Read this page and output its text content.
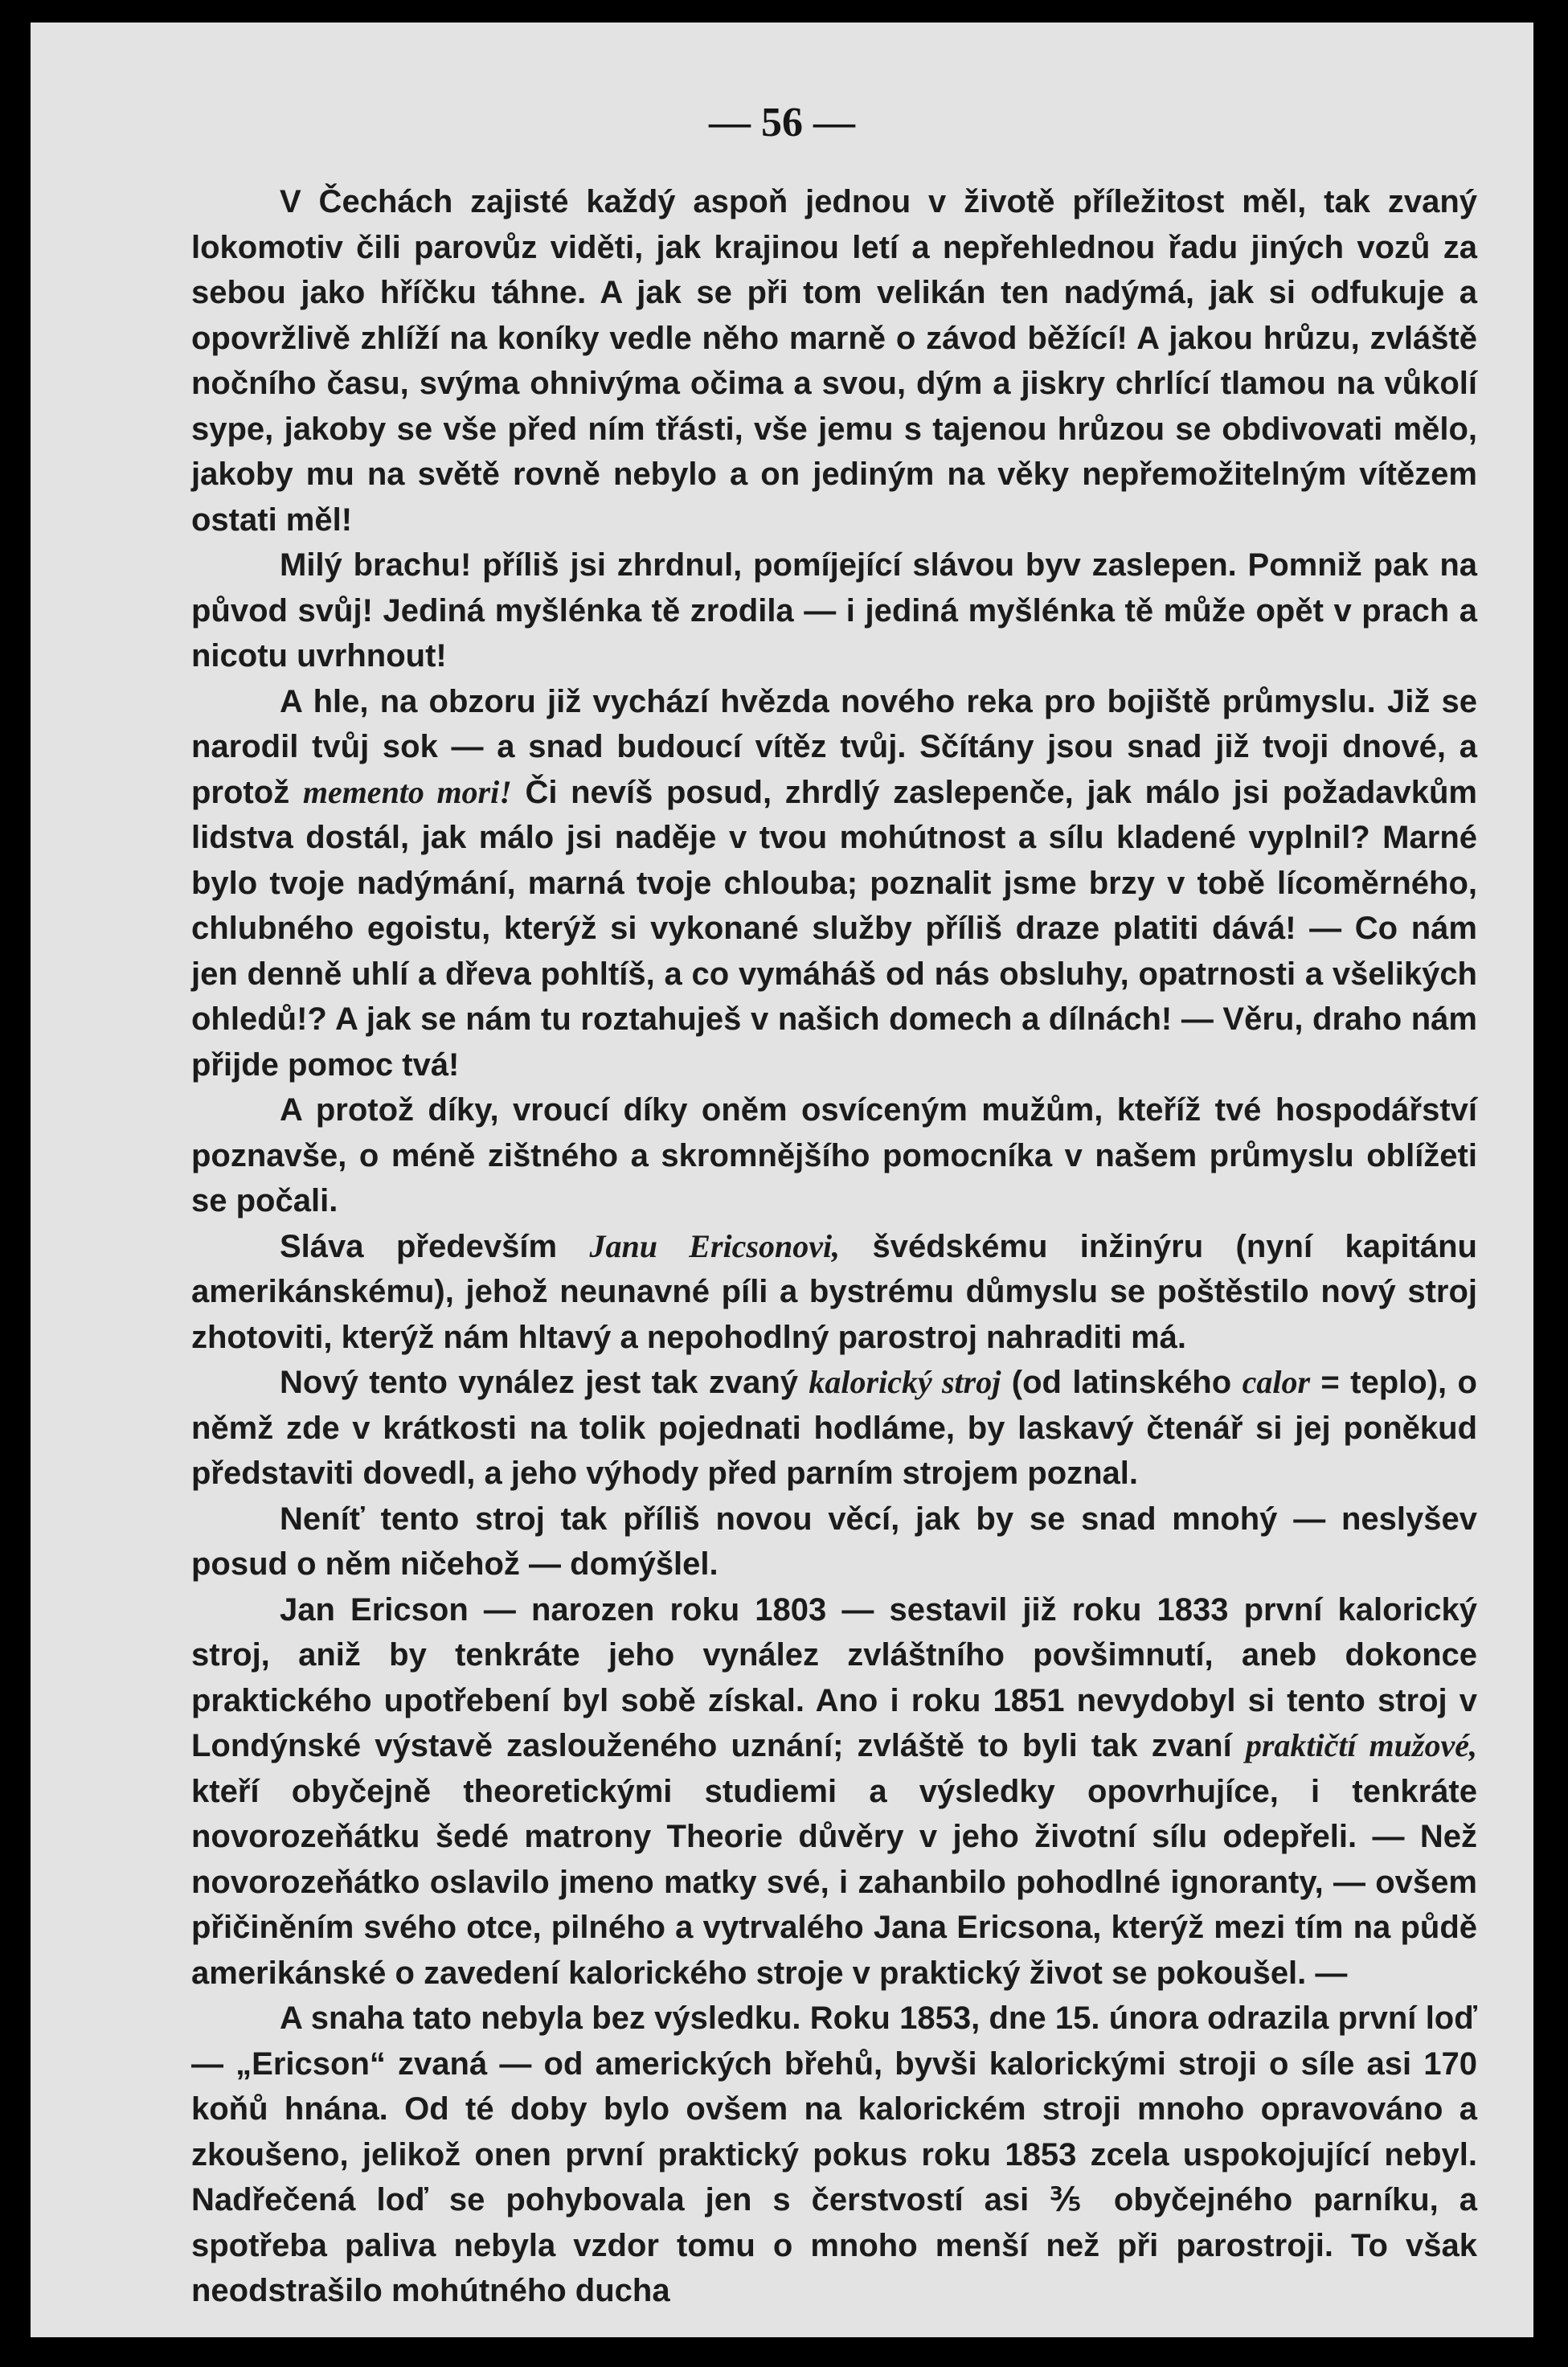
— 56 —

V Čechách zajisté každý aspoň jednou v životě příležitost měl, tak zvaný lokomotiv čili parovůz viděti, jak krajinou letí a nepřehlednou řadu jiných vozů za sebou jako hříčku táhne. A jak se při tom velikán ten nadýmá, jak si odfukuje a opovržlivě zhlíží na koníky vedle něho marně o závod běžící! A jakou hrůzu, zvláště nočního času, svýma ohnivýma očima a svou, dým a jiskry chrlící tlamou na vůkolí sype, jakoby se vše před ním třásti, vše jemu s tajenou hrůzou se obdivovati mělo, jakoby mu na světě rovně nebylo a on jediným na věky nepřemožitelným vítězem ostati měl!

Milý brachu! příliš jsi zhrdnul, pomíjející slávou byv zaslepen. Pomniž pak na původ svůj! Jediná myšlénka tě zrodila — i jediná myšlénka tě může opět v prach a nicotu uvrhnout!

A hle, na obzoru již vychází hvězda nového reka pro bojiště průmyslu. Již se narodil tvůj sok — a snad budoucí vítěz tvůj. Sčítány jsou snad již tvoji dnové, a protož memento mori! Či nevíš posud, zhrdlý zaslepenče, jak málo jsi požadavkům lidstva dostál, jak málo jsi naděje v tvou mohútnost a sílu kladené vyplnil? Marné bylo tvoje nadýmání, marná tvoje chlouba; poznalit jsme brzy v tobě lícoměrného, chlubného egoistu, kterýž si vykonané služby příliš draze platiti dává! — Co nám jen denně uhlí a dřeva pohltíš, a co vymáháš od nás obsluhy, opatrnosti a všelikých ohledů!? A jak se nám tu roztahuješ v našich domech a dílnách! — Věru, draho nám přijde pomoc tvá!

A protož díky, vroucí díky oněm osvíceným mužům, kteříž tvé hospodářství poznavše, o méně zištného a skromnějšího pomocníka v našem průmyslu oblížeti se počali.

Sláva především Janu Ericsonovi, švédskému inžinýru (nyní kapitánu amerikánskému), jehož neunavné píli a bystrému důmyslu se poštěstilo nový stroj zhotoviti, kterýž nám hltavý a nepohodlný parostroj nahraditi má.

Nový tento vynález jest tak zvaný kalorický stroj (od latinského calor = teplo), o němž zde v krátkosti na tolik pojednati hodláme, by laskavý čtenář si jej poněkud představiti dovedl, a jeho výhody před parním strojem poznal.

Neníť tento stroj tak příliš novou věcí, jak by se snad mnohý — neslyšev posud o něm ničehož — domýšlel.

Jan Ericson — narozen roku 1803 — sestavil již roku 1833 první kalorický stroj, aniž by tenkráte jeho vynález zvláštního povšimnutí, aneb dokonce praktického upotřebení byl sobě získal. Ano i roku 1851 nevydobyl si tento stroj v Londýnské výstavě zaslouženého uznání; zvláště to byli tak zvaní praktičtí mužové, kteří obyčejně theoretickými studiemi a výsledky opovrhujíce, i tenkráte novorozeňátku šedé matrony Theorie důvěry v jeho životní sílu odepřeli. — Než novorozeňátko oslavilo jmeno matky své, i zahanbilo pohodlné ignoranty, — ovšem přičiněním svého otce, pilného a vytrvalého Jana Ericsona, kterýž mezi tím na půdě amerikánské o zavedení kalorického stroje v praktický život se pokoušel. —

A snaha tato nebyla bez výsledku. Roku 1853, dne 15. února odrazila první loď — „Ericson“ zvaná — od amerických břehů, byvši kalorickými stroji o síle asi 170 koňů hnána. Od té doby bylo ovšem na kalorickém stroji mnoho opravováno a zkoušeno, jelikož onen první praktický pokus roku 1853 zcela uspokojující nebyl. Nadřečená loď se pohybovala jen s čerstvostí asi ⅗ obyčejného parníku, a spotřeba paliva nebyla vzdor tomu o mnoho menší než při parostroji. To však neodstrašilo mohútného ducha
